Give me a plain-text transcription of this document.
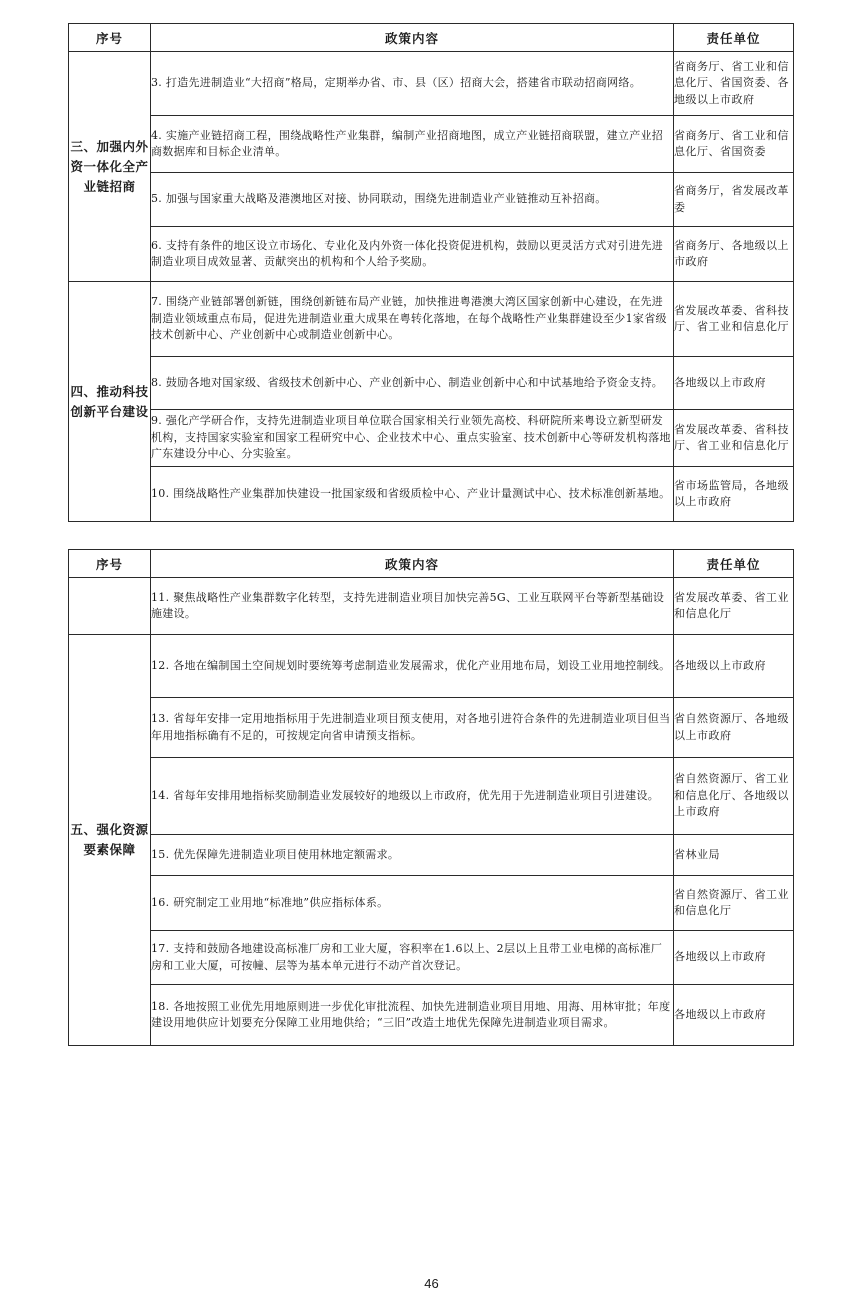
序号	政策内容	责任单位
三、加强内外资一体化全产业链招商	3. 打造先进制造业“大招商”格局，定期举办省、市、县（区）招商大会，搭建省市联动招商网络。	省商务厅、省工业和信息化厅、省国资委、各地级以上市政府
	4. 实施产业链招商工程，围绕战略性产业集群，编制产业招商地图，成立产业链招商联盟，建立产业招商数据库和目标企业清单。	省商务厅、省工业和信息化厅、省国资委
	5. 加强与国家重大战略及港澳地区对接、协同联动，围绕先进制造业产业链推动互补招商。	省商务厅，省发展改革委
	6. 支持有条件的地区设立市场化、专业化及内外资一体化投资促进机构，鼓励以更灵活方式对引进先进制造业项目成效显著、贡献突出的机构和个人给予奖励。	省商务厅、各地级以上市政府
四、推动科技创新平台建设	7. 围绕产业链部署创新链，围绕创新链布局产业链，加快推进粤港澳大湾区国家创新中心建设，在先进制造业领域重点布局，促进先进制造业重大成果在粤转化落地，在每个战略性产业集群建设至少1家省级技术创新中心、产业创新中心或制造业创新中心。	省发展改革委、省科技厅、省工业和信息化厅
	8. 鼓励各地对国家级、省级技术创新中心、产业创新中心、制造业创新中心和中试基地给予资金支持。	各地级以上市政府
	9. 强化产学研合作，支持先进制造业项目单位联合国家相关行业领先高校、科研院所来粤设立新型研发机构，支持国家实验室和国家工程研究中心、企业技术中心、重点实验室、技术创新中心等研发机构落地广东建设分中心、分实验室。	省发展改革委、省科技厅、省工业和信息化厅
	10. 围绕战略性产业集群加快建设一批国家级和省级质检中心、产业计量测试中心、技术标准创新基地。	省市场监管局，各地级以上市政府
序号	政策内容	责任单位
	11. 聚焦战略性产业集群数字化转型，支持先进制造业项目加快完善5G、工业互联网平台等新型基础设施建设。	省发展改革委、省工业和信息化厅
五、强化资源要素保障	12. 各地在编制国土空间规划时要统筹考虑制造业发展需求，优化产业用地布局，划设工业用地控制线。	各地级以上市政府
	13. 省每年安排一定用地指标用于先进制造业项目预支使用，对各地引进符合条件的先进制造业项目但当年用地指标确有不足的，可按规定向省申请预支指标。	省自然资源厅、各地级以上市政府
	14. 省每年安排用地指标奖励制造业发展较好的地级以上市政府，优先用于先进制造业项目引进建设。	省自然资源厅、省工业和信息化厅、各地级以上市政府
	15. 优先保障先进制造业项目使用林地定额需求。	省林业局
	16. 研究制定工业用地“标准地”供应指标体系。	省自然资源厅、省工业和信息化厅
	17. 支持和鼓励各地建设高标准厂房和工业大厦，容积率在1.6以上、2层以上且带工业电梯的高标准厂房和工业大厦，可按幢、层等为基本单元进行不动产首次登记。	各地级以上市政府
	18. 各地按照工业优先用地原则进一步优化审批流程、加快先进制造业项目用地、用海、用林审批；年度建设用地供应计划要充分保障工业用地供给；“三旧”改造土地优先保障先进制造业项目需求。	各地级以上市政府
46
